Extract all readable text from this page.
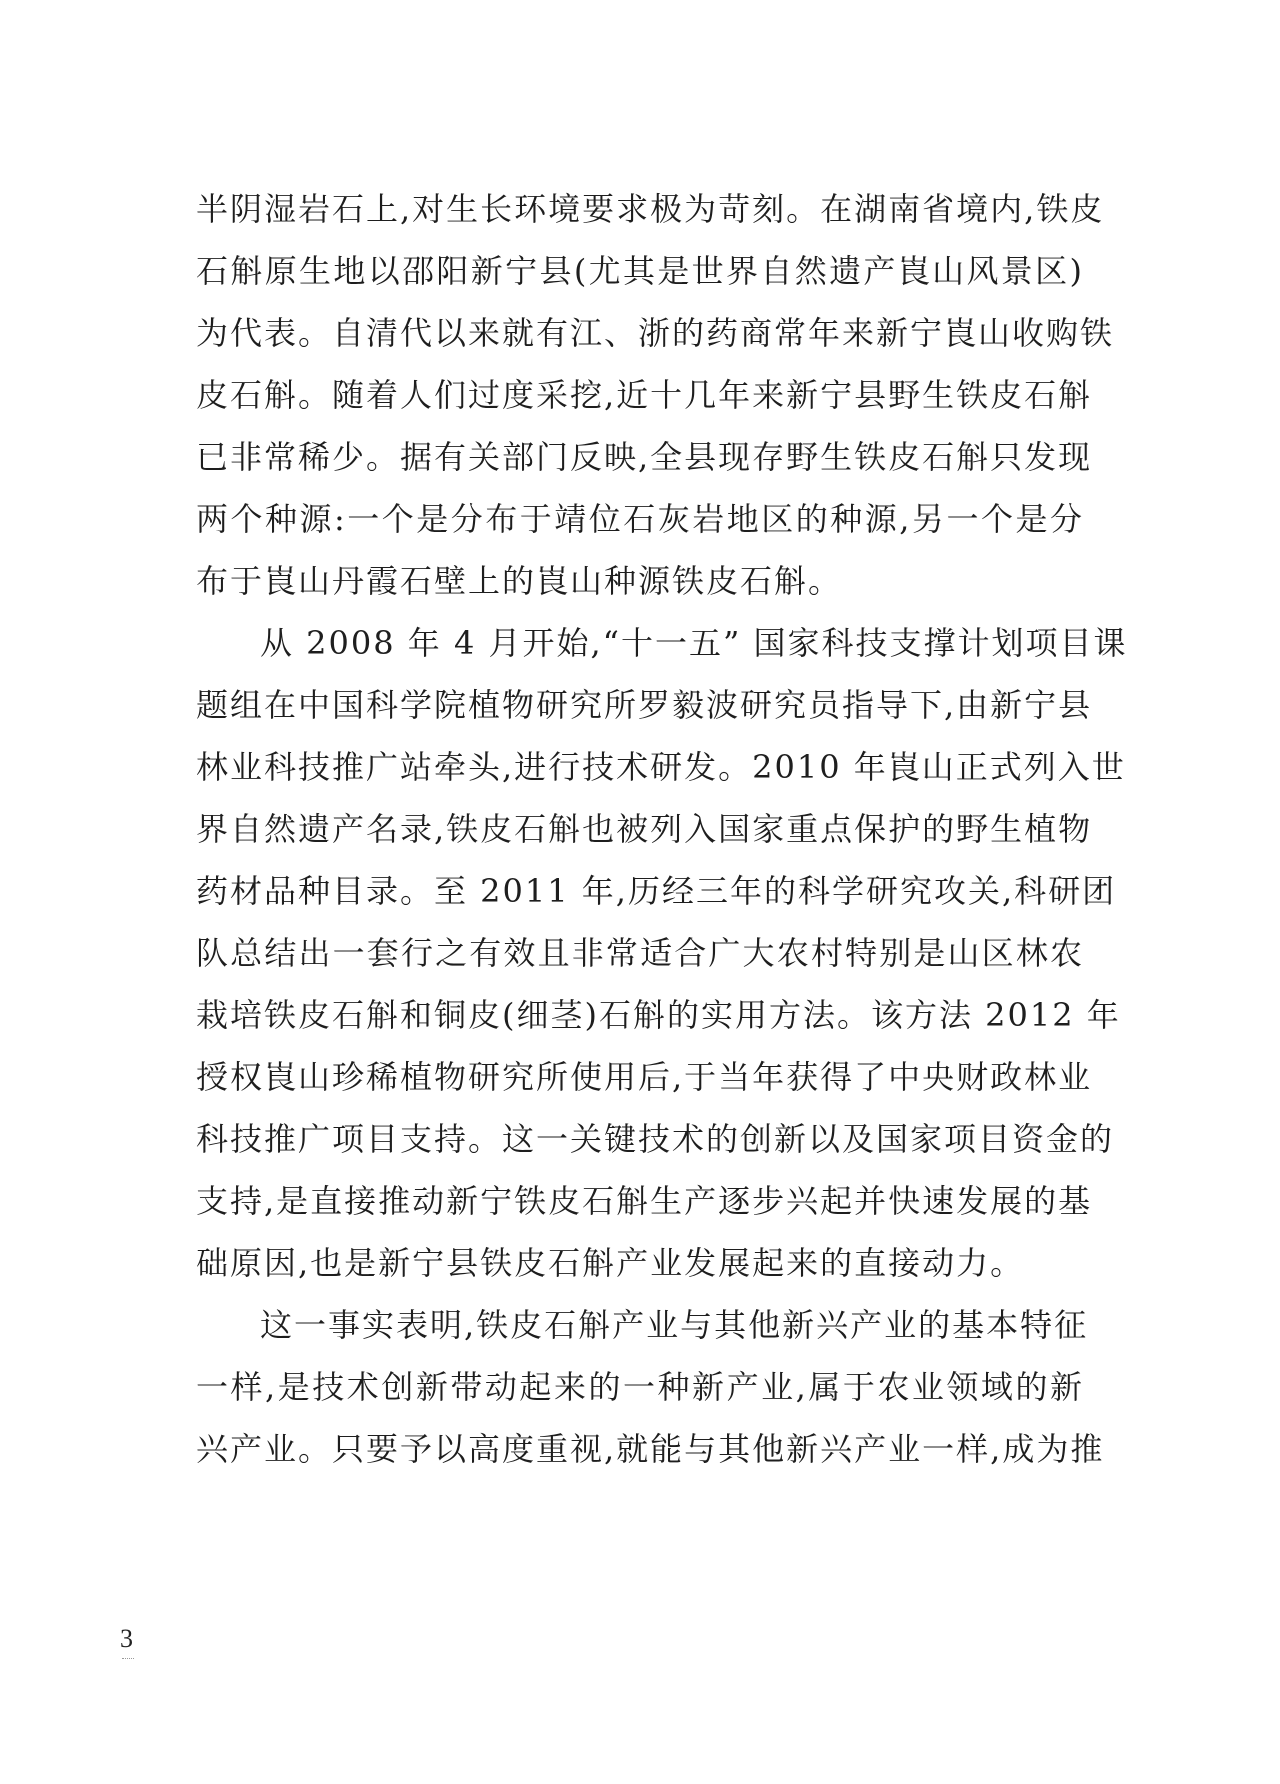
半阴湿岩石上,对生长环境要求极为苛刻。在湖南省境内,铁皮
石斛原生地以邵阳新宁县(尤其是世界自然遗产崀山风景区)
为代表。自清代以来就有江、浙的药商常年来新宁崀山收购铁
皮石斛。随着人们过度采挖,近十几年来新宁县野生铁皮石斛
已非常稀少。据有关部门反映,全县现存野生铁皮石斛只发现
两个种源:一个是分布于靖位石灰岩地区的种源,另一个是分
布于崀山丹霞石壁上的崀山种源铁皮石斛。

从 2008 年 4 月开始,“十一五” 国家科技支撑计划项目课
题组在中国科学院植物研究所罗毅波研究员指导下,由新宁县
林业科技推广站牵头,进行技术研发。2010 年崀山正式列入世
界自然遗产名录,铁皮石斛也被列入国家重点保护的野生植物
药材品种目录。至 2011 年,历经三年的科学研究攻关,科研团
队总结出一套行之有效且非常适合广大农村特别是山区林农
栽培铁皮石斛和铜皮(细茎)石斛的实用方法。该方法 2012 年
授权崀山珍稀植物研究所使用后,于当年获得了中央财政林业
科技推广项目支持。这一关键技术的创新以及国家项目资金的
支持,是直接推动新宁铁皮石斛生产逐步兴起并快速发展的基
础原因,也是新宁县铁皮石斛产业发展起来的直接动力。

这一事实表明,铁皮石斛产业与其他新兴产业的基本特征
一样,是技术创新带动起来的一种新产业,属于农业领域的新
兴产业。只要予以高度重视,就能与其他新兴产业一样,成为推

3
